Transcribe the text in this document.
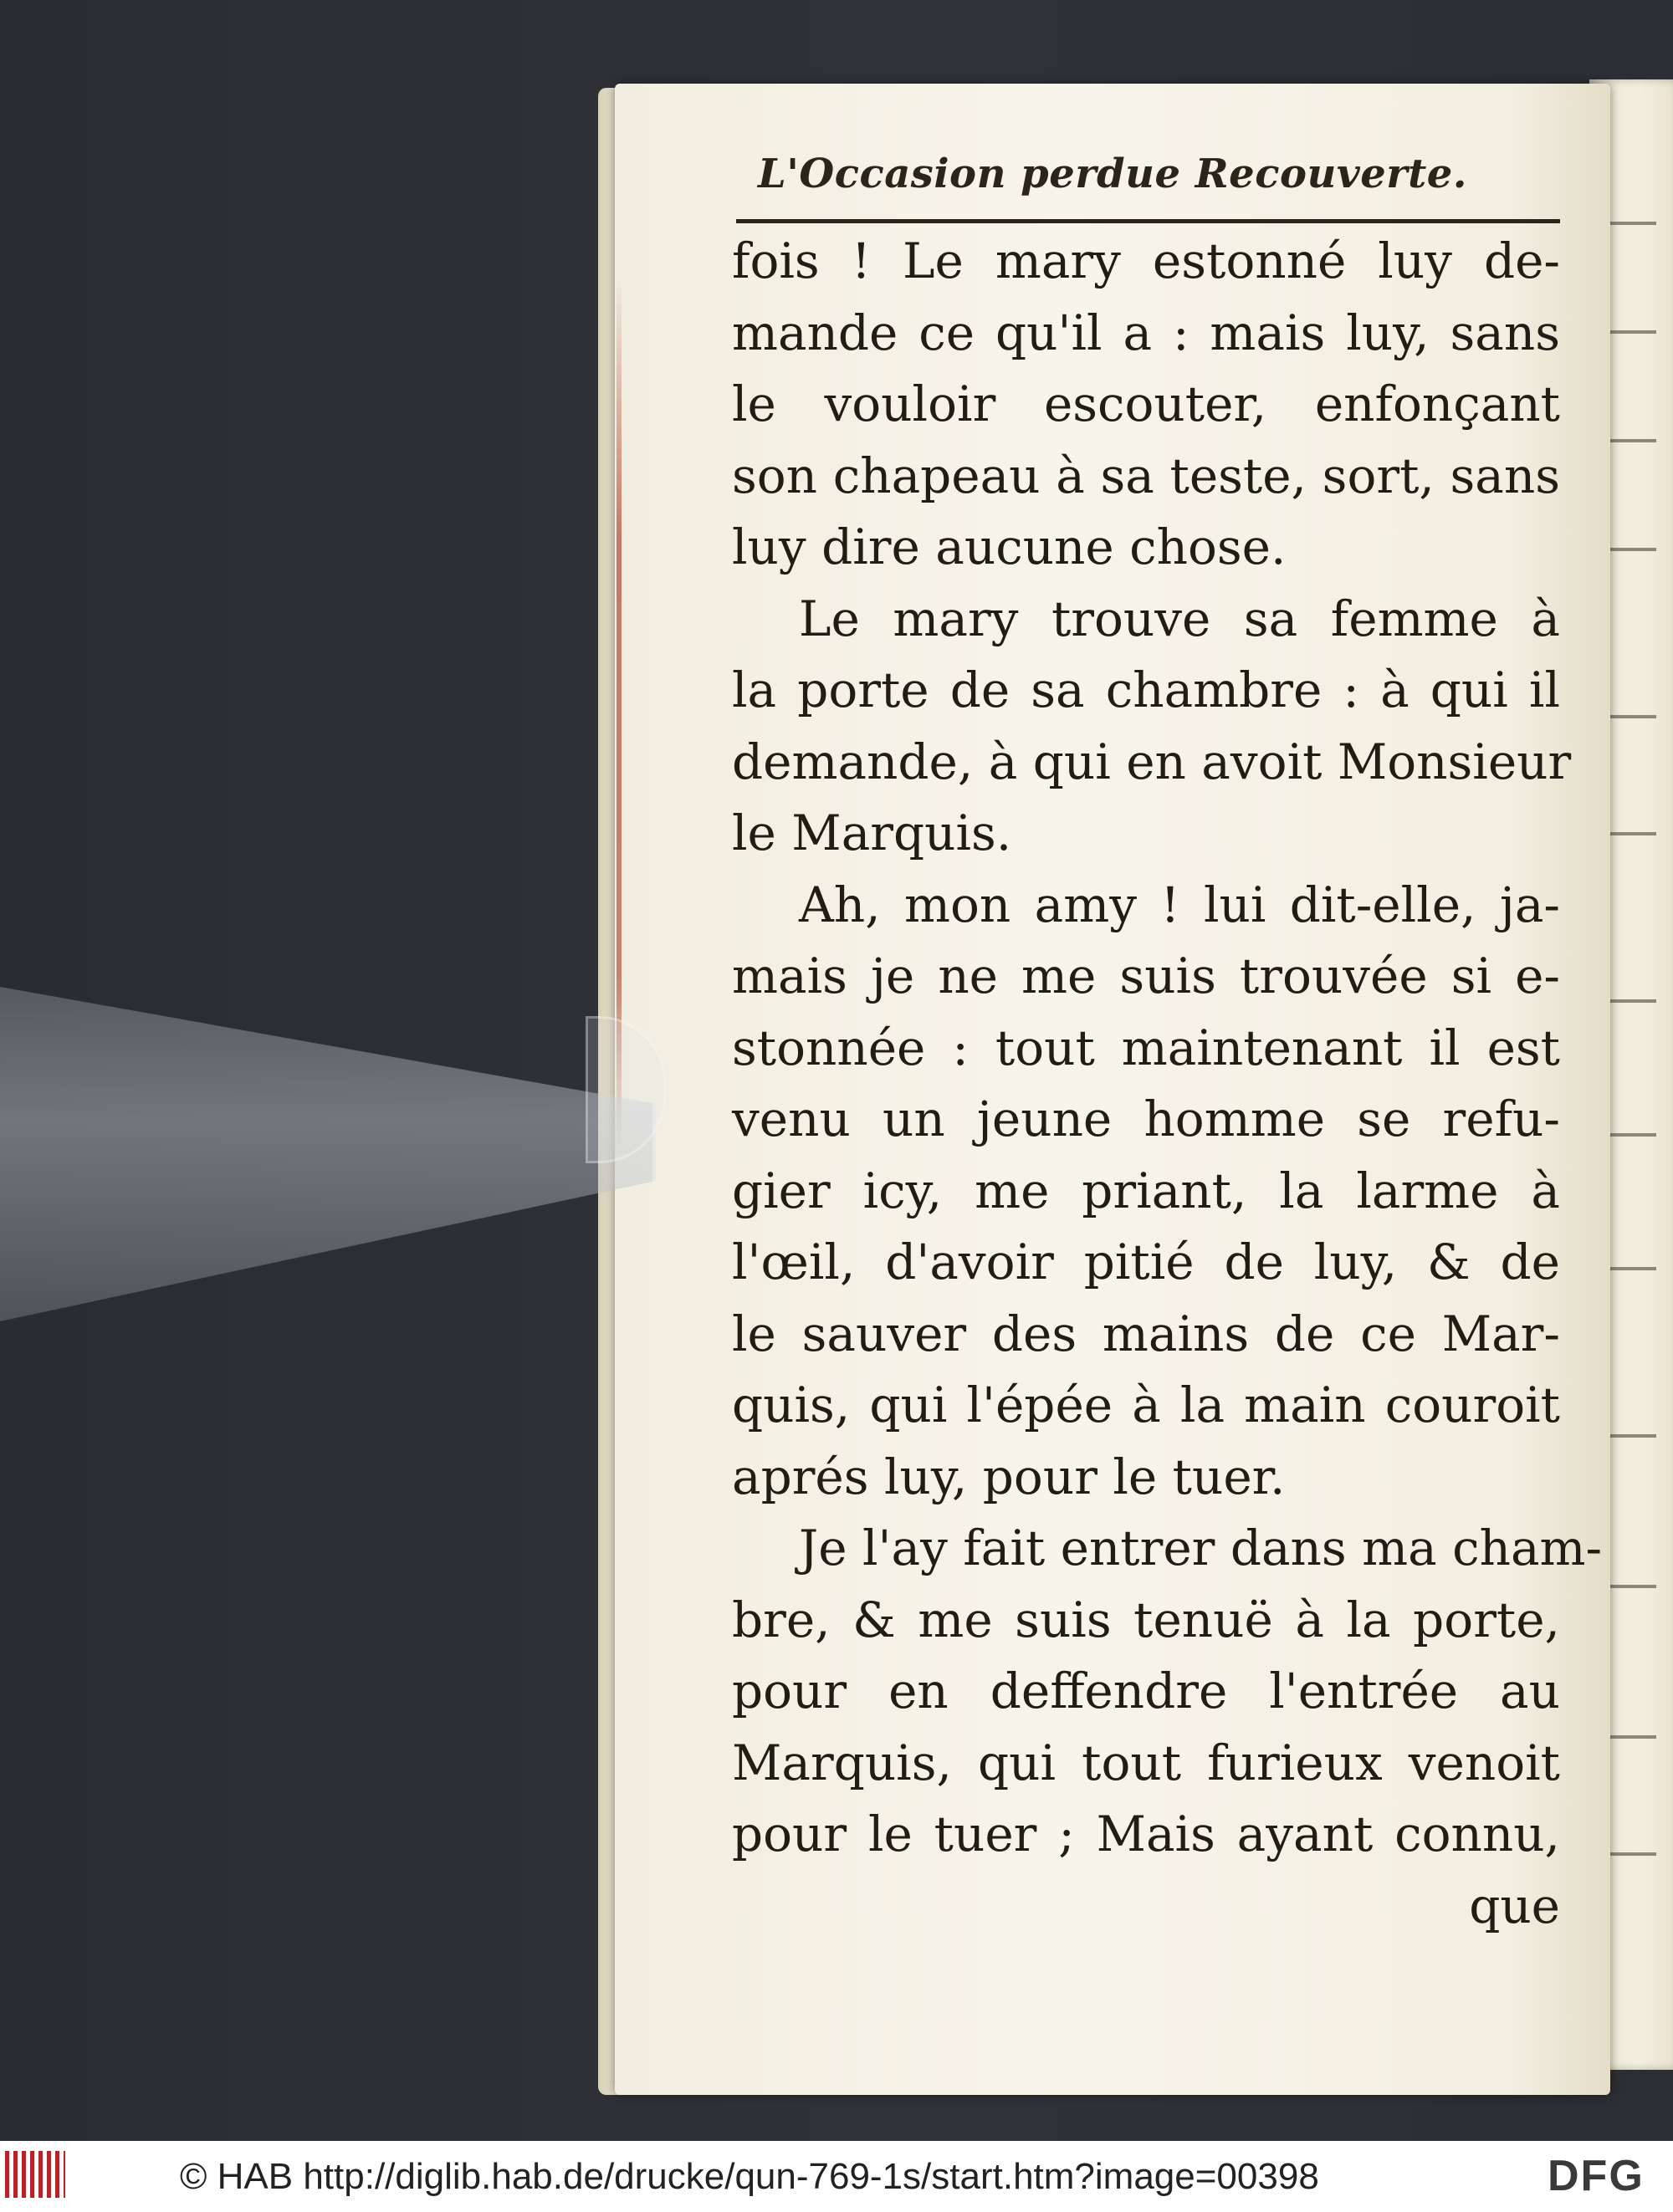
L'Occasion perdue Recouverte.
fois ! Le mary estonné luy de-
mande ce qu'il a : mais luy, sans
le vouloir escouter, enfonçant
son chapeau à sa teste, sort, sans
luy dire aucune chose.
Le mary trouve sa femme à
la porte de sa chambre : à qui il
demande, à qui en avoit Monsieur
le Marquis.
Ah, mon amy ! lui dit-elle, ja-
mais je ne me suis trouvée si e-
stonnée : tout maintenant il est
venu un jeune homme se refu-
gier icy, me priant, la larme à
l'œil, d'avoir pitié de luy, & de
le sauver des mains de ce Mar-
quis, qui l'épée à la main couroit
aprés luy, pour le tuer.
Je l'ay fait entrer dans ma cham-
bre, & me suis tenuë à la porte,
pour en deffendre l'entrée au
Marquis, qui tout furieux venoit
pour le tuer ; Mais ayant connu,
que
© HAB http://diglib.hab.de/drucke/qun-769-1s/start.htm?image=00398	DFG
